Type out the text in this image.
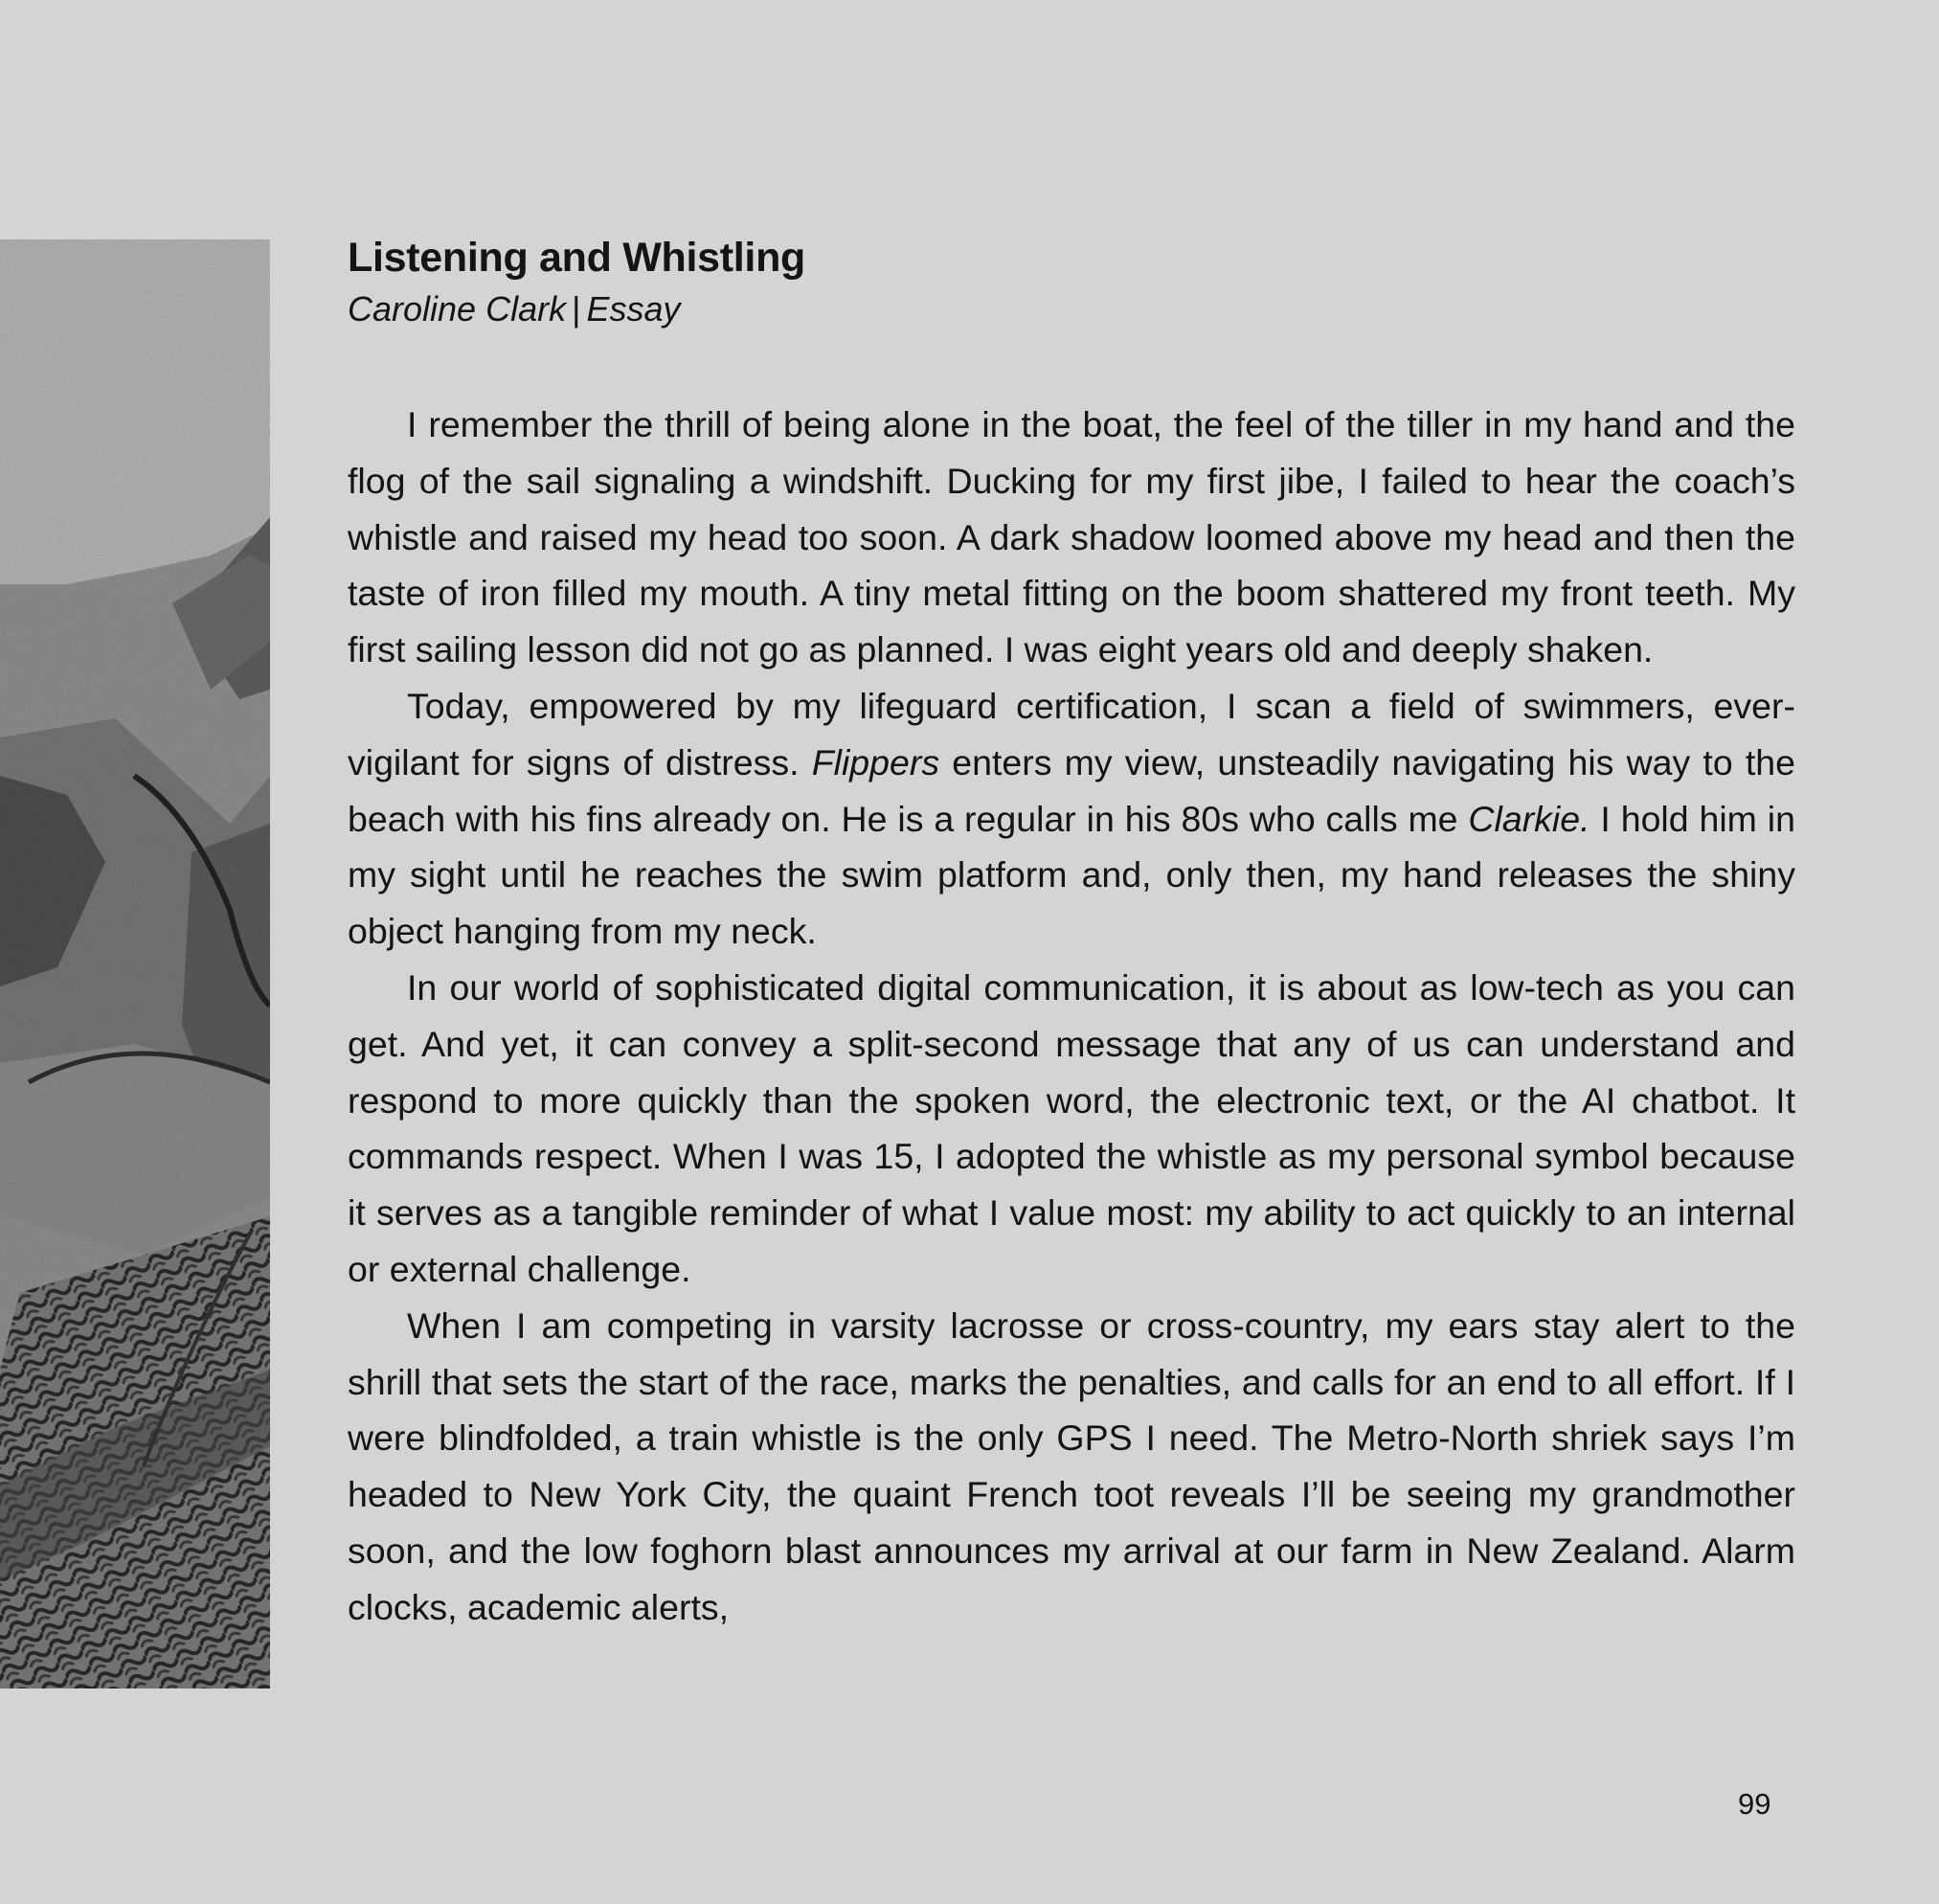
Listening and Whistling

Caroline Clark | Essay

I remember the thrill of being alone in the boat, the feel of the tiller in my hand and the flog of the sail signaling a windshift. Ducking for my first jibe, I failed to hear the coach’s whistle and raised my head too soon. A dark shadow loomed above my head and then the taste of iron filled my mouth. A tiny metal fitting on the boom shattered my front teeth. My first sailing lesson did not go as planned. I was eight years old and deeply shaken.

Today, empowered by my lifeguard certification, I scan a field of swimmers, ever-vigilant for signs of distress. Flippers enters my view, unsteadily navigating his way to the beach with his fins already on. He is a regular in his 80s who calls me Clarkie. I hold him in my sight until he reaches the swim platform and, only then, my hand releases the shiny object hanging from my neck.

In our world of sophisticated digital communication, it is about as low-tech as you can get. And yet, it can convey a split-second message that any of us can understand and respond to more quickly than the spoken word, the electronic text, or the AI chatbot. It commands respect. When I was 15, I adopted the whistle as my personal symbol because it serves as a tangible reminder of what I value most: my ability to act quickly to an internal or external challenge.

When I am competing in varsity lacrosse or cross-country, my ears stay alert to the shrill that sets the start of the race, marks the penalties, and calls for an end to all effort. If I were blindfolded, a train whistle is the only GPS I need. The Metro-North shriek says I’m headed to New York City, the quaint French toot reveals I’ll be seeing my grandmother soon, and the low foghorn blast announces my arrival at our farm in New Zealand. Alarm clocks, academic alerts,

99
